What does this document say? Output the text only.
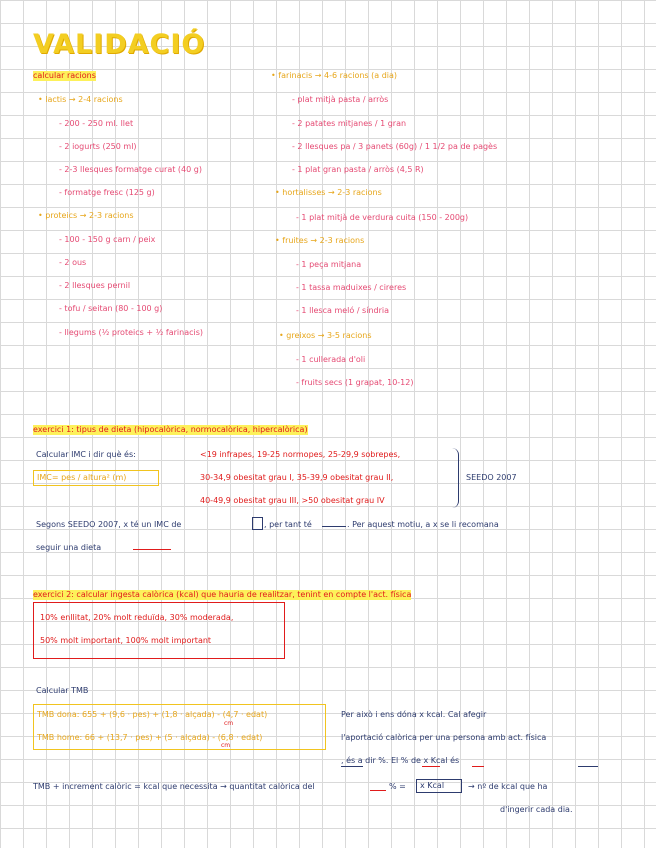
VALIDACIÓ
calcular racions
• lactis → 2-4 racions
- 200 - 250 ml. llet
- 2 iogurts (250 ml)
- 2-3 llesques formatge curat (40 g)
- formatge fresc (125 g)
• proteics → 2-3 racions
- 100 - 150 g carn / peix
- 2 ous
- 2 llesques pernil
- tofu / seitan (80 - 100 g)
- llegums (½ proteics + ½ farinacis)
• farinacis → 4-6 racions (a dia)
- plat mitjà pasta / arròs
- 2 patates mitjanes / 1 gran
- 2 llesques pa / 3 panets (60g) / 1 1/2 pa de pagès
- 1 plat gran pasta / arròs (4,5 R)
• hortalisses → 2-3 racions
- 1 plat mitjà de verdura cuita (150 - 200g)
• fruites → 2-3 racions
- 1 peça mitjana
- 1 tassa maduixes / cireres
- 1 llesca meló / síndria
• greixos → 3-5 racions
- 1 cullerada d'oli
- fruits secs (1 grapat, 10-12)
exercici 1: tipus de dieta (hipocalòrica, normocalòrica, hipercalòrica)
Calcular IMC i dir què és:	<19 infrapes, 19-25 normopes, 25-29,9 sobrepes,
IMC= pes / altura² (m)	30-34,9 obesitat grau I, 35-39,9 obesitat grau II,
40-49,9 obesitat grau III, >50 obesitat grau IV
SEEDO 2007
Segons SEEDO 2007, x té un IMC de	, per tant té	. Per aquest motiu, a x se li recomana
seguir una dieta
exercici 2: calcular ingesta calòrica (kcal) que hauria de realitzar, tenint en compte l'act. física
10% enllitat, 20% molt reduïda, 30% moderada,
50% molt important, 100% molt important
Calcular TMB
TMB dona: 655 + (9,6 · pes) + (1,8 · alçada) - (4,7 · edat)
cm
TMB home: 66 + (13,7 · pes) + (5 · alçada) - (6,8 · edat)
cm
Per això i ens dóna x kcal. Cal afegir
l'aportació calòrica per una persona amb act. física
, és a dir %. El % de x Kcal és
TMB + increment calòric = kcal que necessita → quantitat calòrica del	% =	x Kcal	→ nº de kcal que ha
d'ingerir cada dia.
